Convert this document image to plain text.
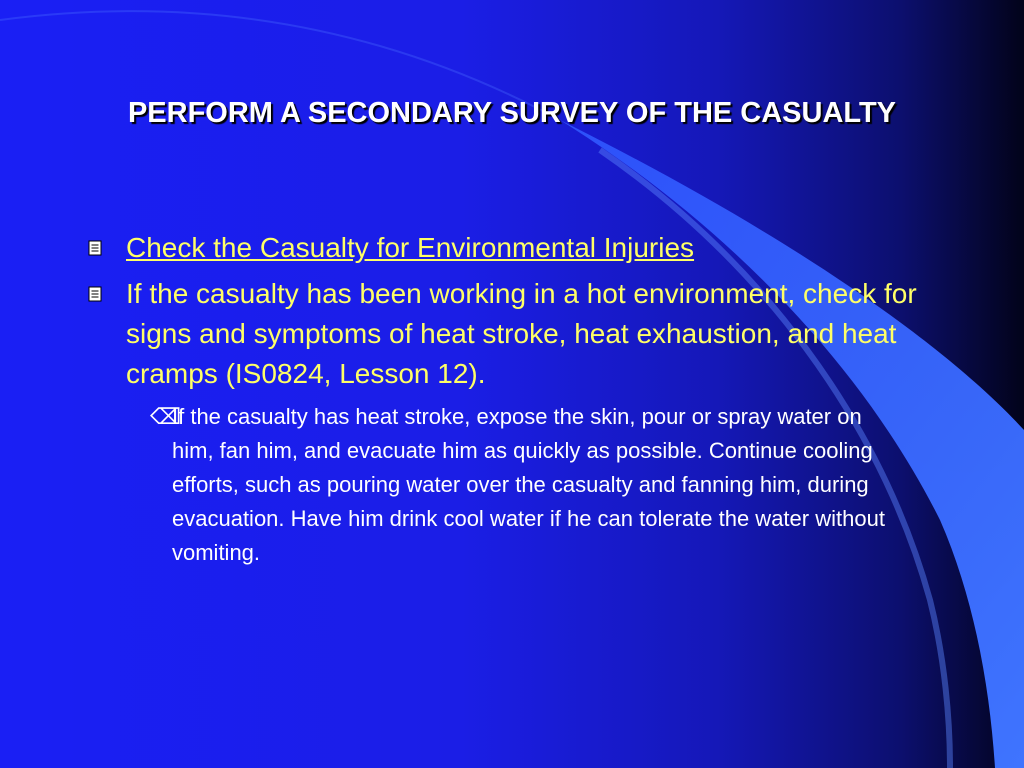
PERFORM A SECONDARY SURVEY OF THE CASUALTY
Check the Casualty for Environmental Injuries
If the casualty has been working in a hot environment, check for signs and symptoms of heat stroke, heat exhaustion, and heat cramps (IS0824, Lesson 12).
⌫
If the casualty has heat stroke, expose the skin, pour or spray water on him, fan him, and evacuate him as quickly as possible. Continue cooling efforts, such as pouring water over the casualty and fanning him, during evacuation. Have him drink cool water if he can tolerate the water without vomiting.
